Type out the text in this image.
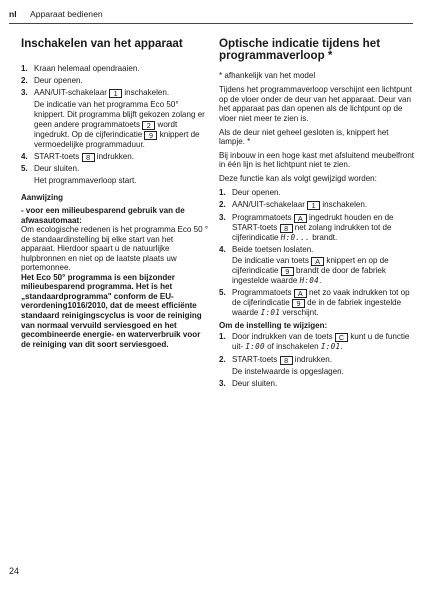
nl Apparaat bedienen
Inschakelen van het apparaat
1. Kraan helemaal opendraaien.
2. Deur openen.
3. AAN/UIT-schakelaar 1 inschakelen.
De indicatie van het programma Eco 50° knippert. Dit programma blijft gekozen zolang er geen andere programmatoets 2 wordt ingedrukt. Op de cijferindicatie 9 knippert de vermoedelijke programmaduur.
4. START-toets 8 indrukken.
5. Deur sluiten.
Het programmaverloop start.
Aanwijzing
- voor een milieubesparend gebruik van de afwasautomaat:
Om ecologische redenen is het programma Eco 50 ° de standaardinstelling bij elke start van het apparaat. Hierdoor spaart u de natuurlijke hulpbronnen en niet op de laatste plaats uw portemonnee.
Het Eco 50° programma is een bijzonder milieubesparend programma. Het is het „standaardprogramma" conform de EU-verordening1016/2010, dat de meest efficiënte standaard reinigingscyclus is voor de reiniging van normaal vervuild serviesgoed en het gecombineerde energie- en waterverbruik voor de reiniging van dit soort serviesgoed.
Optische indicatie tijdens het programmaverloop *

* afhankelijk van het model

Tijdens het programmaverloop verschijnt een lichtpunt op de vloer onder de deur van het apparaat. Deur van het apparaat pas dan openen als de lichtpunt op de vloer niet meer te zien is.

Als de deur niet geheel gesloten is, knippert het lampje. *

Bij inbouw in een hoge kast met afsluitend meubelfront in één lijn is het lichtpunt niet te zien.

Deze functie kan als volgt gewijzigd worden:

1. Deur openen.
2. AAN/UIT-schakelaar 1 inschakelen.
3. Programmatoets A ingedrukt houden en de START-toets 8 net zolang indrukken tot de cijferindicatie H:0... brandt.
4. Beide toetsen loslaten.
De indicatie van toets A knippert en op de cijferindicatie 9 brandt de door de fabriek ingestelde waarde H:04.
5. Programmatoets A net zo vaak indrukken tot op de cijferindicatie 9 de in de fabriek ingestelde waarde I:01 verschijnt.
Om de instelling te wijzigen:
1. Door indrukken van de toets C kunt u de functie uit- I:00 of inschakelen I:01.
2. START-toets 8 indrukken.
De instelwaarde is opgeslagen.
3. Deur sluiten.
24
